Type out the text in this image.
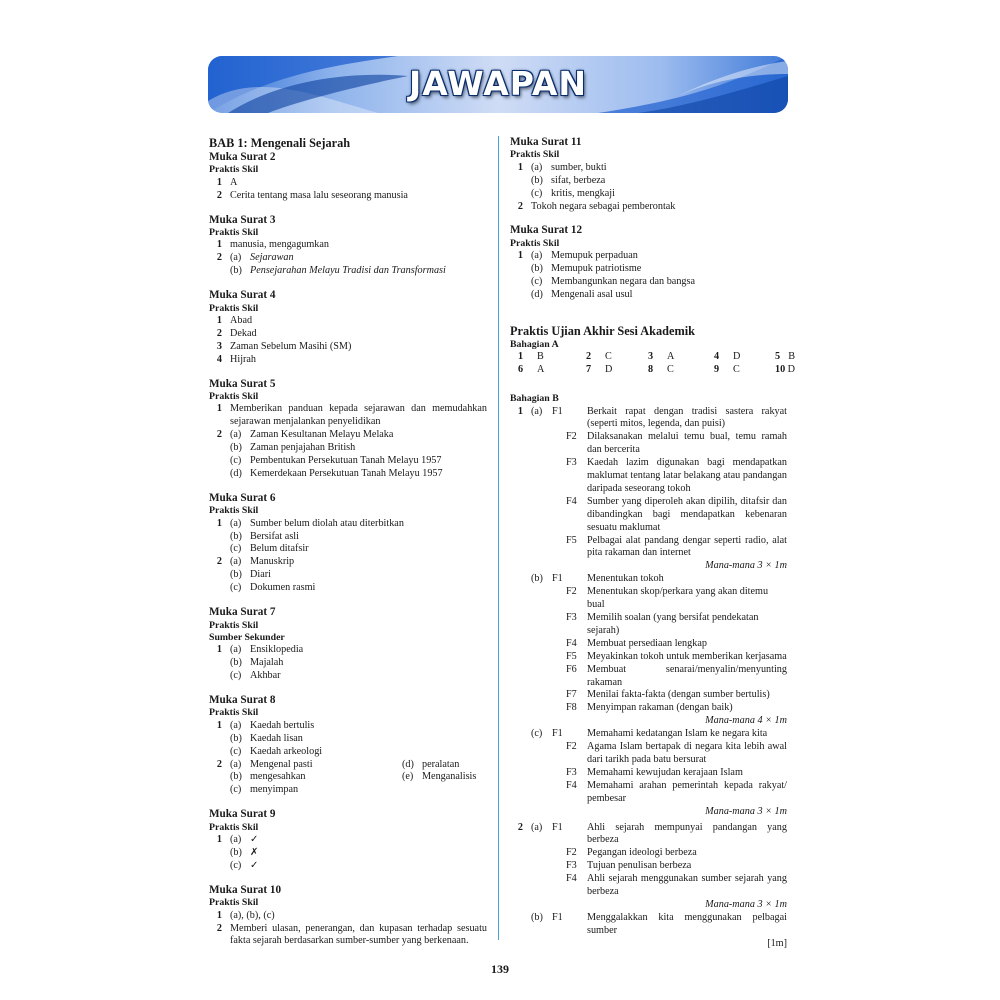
JAWAPAN
BAB 1: Mengenali Sejarah
Muka Surat 2
Praktis Skil
1 A
2 Cerita tentang masa lalu seseorang manusia
Muka Surat 3
Praktis Skil
1 manusia, mengagumkan
2 (a) Sejarawan
(b) Pensejarahan Melayu Tradisi dan Transformasi
Muka Surat 4
Praktis Skil
1 Abad
2 Dekad
3 Zaman Sebelum Masihi (SM)
4 Hijrah
Muka Surat 5
Praktis Skil
1 Memberikan panduan kepada sejarawan dan memudahkan sejarawan menjalankan penyelidikan
2 (a) Zaman Kesultanan Melayu Melaka
(b) Zaman penjajahan British
(c) Pembentukan Persekutuan Tanah Melayu 1957
(d) Kemerdekaan Persekutuan Tanah Melayu 1957
Muka Surat 6
Praktis Skil
1 (a) Sumber belum diolah atau diterbitkan
(b) Bersifat asli
(c) Belum ditafsir
2 (a) Manuskrip
(b) Diari
(c) Dokumen rasmi
Muka Surat 7
Praktis Skil
Sumber Sekunder
1 (a) Ensiklopedia
(b) Majalah
(c) Akhbar
Muka Surat 8
Praktis Skil
1 (a) Kaedah bertulis
(b) Kaedah lisan
(c) Kaedah arkeologi
2 (a) Mengenal pasti	(d) peralatan
(b) mengesahkan	(e) Menganalisis
(c) menyimpan
Muka Surat 9
Praktis Skil
1 (a) ✓
(b) ✗
(c) ✓
Muka Surat 10
Praktis Skil
1 (a), (b), (c)
2 Memberi ulasan, penerangan, dan kupasan terhadap sesuatu fakta sejarah berdasarkan sumber-sumber yang berkenaan.
Muka Surat 11
Praktis Skil
1 (a) sumber, bukti
(b) sifat, berbeza
(c) kritis, mengkaji
2 Tokoh negara sebagai pemberontak
Muka Surat 12
Praktis Skil
1 (a) Memupuk perpaduan
(b) Memupuk patriotisme
(c) Membangunkan negara dan bangsa
(d) Mengenali asal usul
Praktis Ujian Akhir Sesi Akademik
Bahagian A
1	B	2	C	3	A	4	D	5 B
6	A	7	D	8	C	9	C	10 D
Bahagian B
1 (a) F1	Berkait rapat dengan tradisi sastera rakyat (seperti mitos, legenda, dan puisi)
F2	Dilaksanakan melalui temu bual, temu ramah dan bercerita
F3	Kaedah lazim digunakan bagi mendapatkan maklumat tentang latar belakang atau pandangan daripada seseorang tokoh
F4	Sumber yang diperoleh akan dipilih, ditafsir dan dibandingkan bagi mendapatkan kebenaran sesuatu maklumat
F5	Pelbagai alat pandang dengar seperti radio, alat pita rakaman dan internet
Mana-mana 3 × 1m
(b) F1	Menentukan tokoh
F2	Menentukan skop/perkara yang akan ditemu bual
F3	Memilih soalan (yang bersifat pendekatan sejarah)
F4	Membuat persediaan lengkap
F5	Meyakinkan tokoh untuk memberikan kerjasama
F6	Membuat senarai/menyalin/menyunting rakaman
F7	Menilai fakta-fakta (dengan sumber bertulis)
F8	Menyimpan rakaman (dengan baik)
Mana-mana 4 × 1m
(c) F1	Memahami kedatangan Islam ke negara kita
F2	Agama Islam bertapak di negara kita lebih awal dari tarikh pada batu bersurat
F3	Memahami kewujudan kerajaan Islam
F4	Memahami arahan pemerintah kepada rakyat/ pembesar
Mana-mana 3 × 1m
2 (a) F1	Ahli sejarah mempunyai pandangan yang berbeza
F2	Pegangan ideologi berbeza
F3	Tujuan penulisan berbeza
F4	Ahli sejarah menggunakan sumber sejarah yang berbeza
Mana-mana 3 × 1m
(b) F1	Menggalakkan kita menggunakan pelbagai sumber
[1m]
139
